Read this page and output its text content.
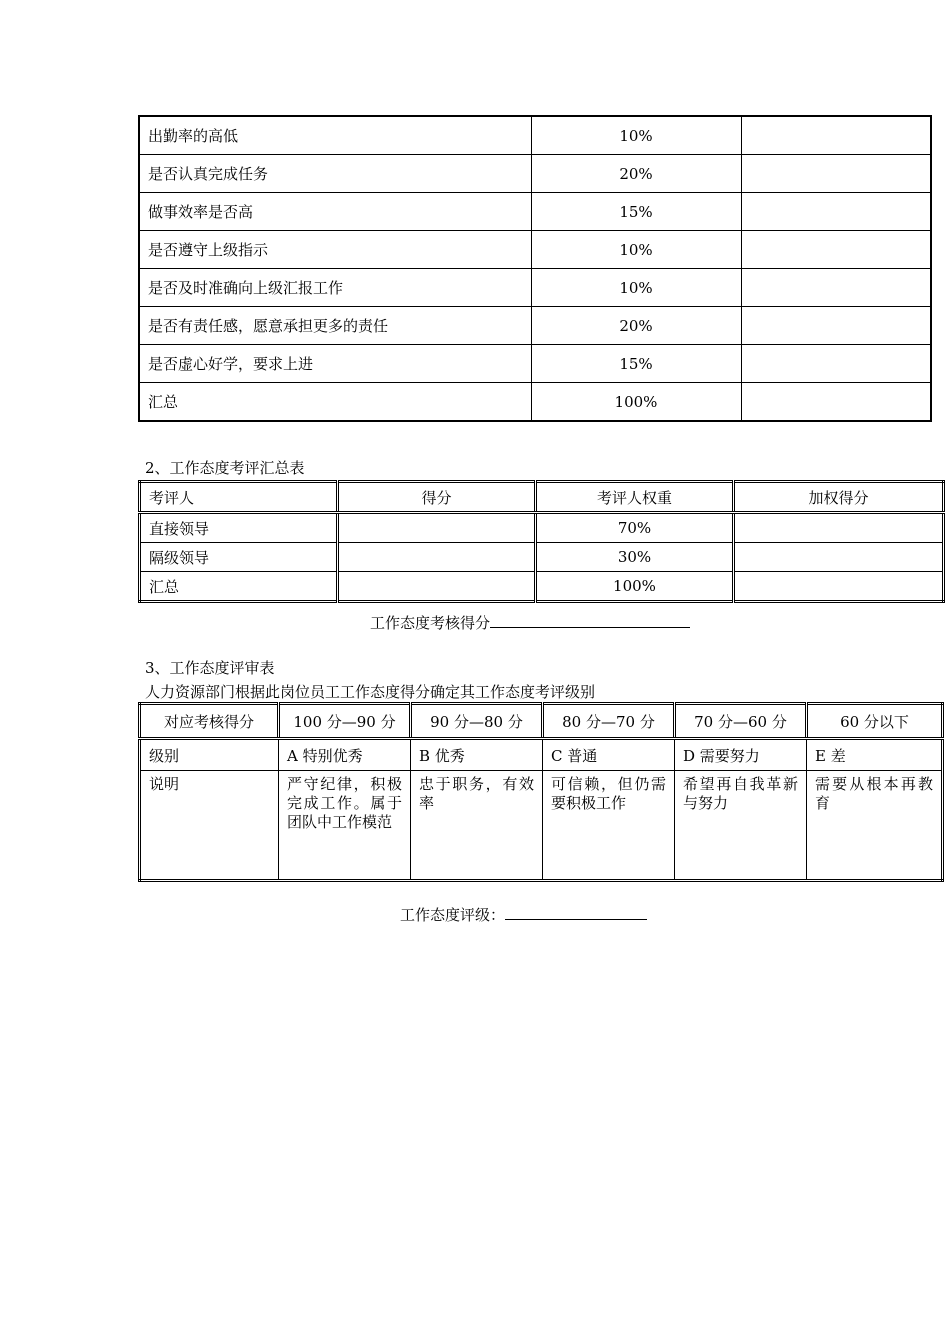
出勤率的高低	10%	
是否认真完成任务	20%	
做事效率是否高	15%	
是否遵守上级指示	10%	
是否及时准确向上级汇报工作	10%	
是否有责任感，愿意承担更多的责任	20%	
是否虚心好学，要求上进	15%	
汇总	100%	
2、工作态度考评汇总表
考评人	得分	考评人权重	加权得分
直接领导		70%	
隔级领导		30%	
汇总		100%	
工作态度考核得分
3、工作态度评审表
人力资源部门根据此岗位员工工作态度得分确定其工作态度考评级别
对应考核得分	100 分—90 分	90 分—80 分	80 分—70 分	70 分—60 分	60 分以下
级别	A 特别优秀	B 优秀	C 普通	D 需要努力	E 差
说明	严守纪律，积极完成工作。属于团队中工作模范	忠于职务，有效率	可信赖，但仍需要积极工作	希望再自我革新与努力	需要从根本再教育
工作态度评级：
